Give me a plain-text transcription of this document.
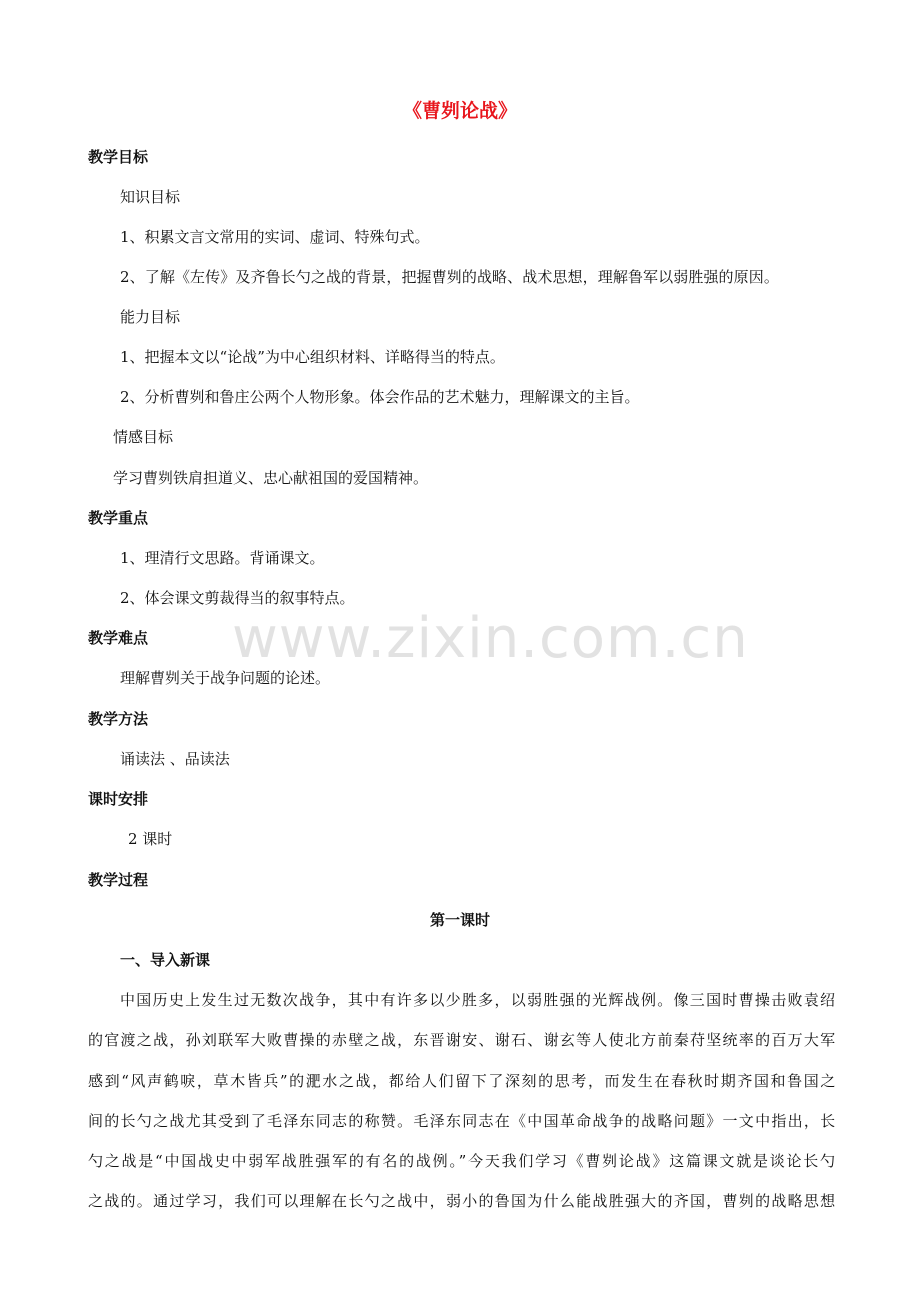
《曹刿论战》
教学目标
知识目标
1、积累文言文常用的实词、虚词、特殊句式。
2、了解《左传》及齐鲁长勺之战的背景，把握曹刿的战略、战术思想，理解鲁军以弱胜强的原因。
能力目标
1、把握本文以“论战”为中心组织材料、详略得当的特点。
2、分析曹刿和鲁庄公两个人物形象。体会作品的艺术魅力，理解课文的主旨。
情感目标
学习曹刿铁肩担道义、忠心献祖国的爱国精神。
教学重点
1、理清行文思路。背诵课文。
2、体会课文剪裁得当的叙事特点。
教学难点
理解曹刿关于战争问题的论述。
教学方法
诵读法 、品读法
课时安排
2 课时
教学过程
第一课时
一、导入新课
中国历史上发生过无数次战争，其中有许多以少胜多，以弱胜强的光辉战例。像三国时曹操击败袁绍
的官渡之战，孙刘联军大败曹操的赤壁之战，东晋谢安、谢石、谢玄等人使北方前秦苻坚统率的百万大军
感到“风声鹤唳，草木皆兵”的淝水之战，都给人们留下了深刻的思考，而发生在春秋时期齐国和鲁国之
间的长勺之战尤其受到了毛泽东同志的称赞。毛泽东同志在《中国革命战争的战略问题》一文中指出，长
勺之战是“中国战史中弱军战胜强军的有名的战例。”今天我们学习《曹刿论战》这篇课文就是谈论长勺
之战的。通过学习，我们可以理解在长勺之战中，弱小的鲁国为什么能战胜强大的齐国，曹刿的战略思想
www.zixin.com.cn
